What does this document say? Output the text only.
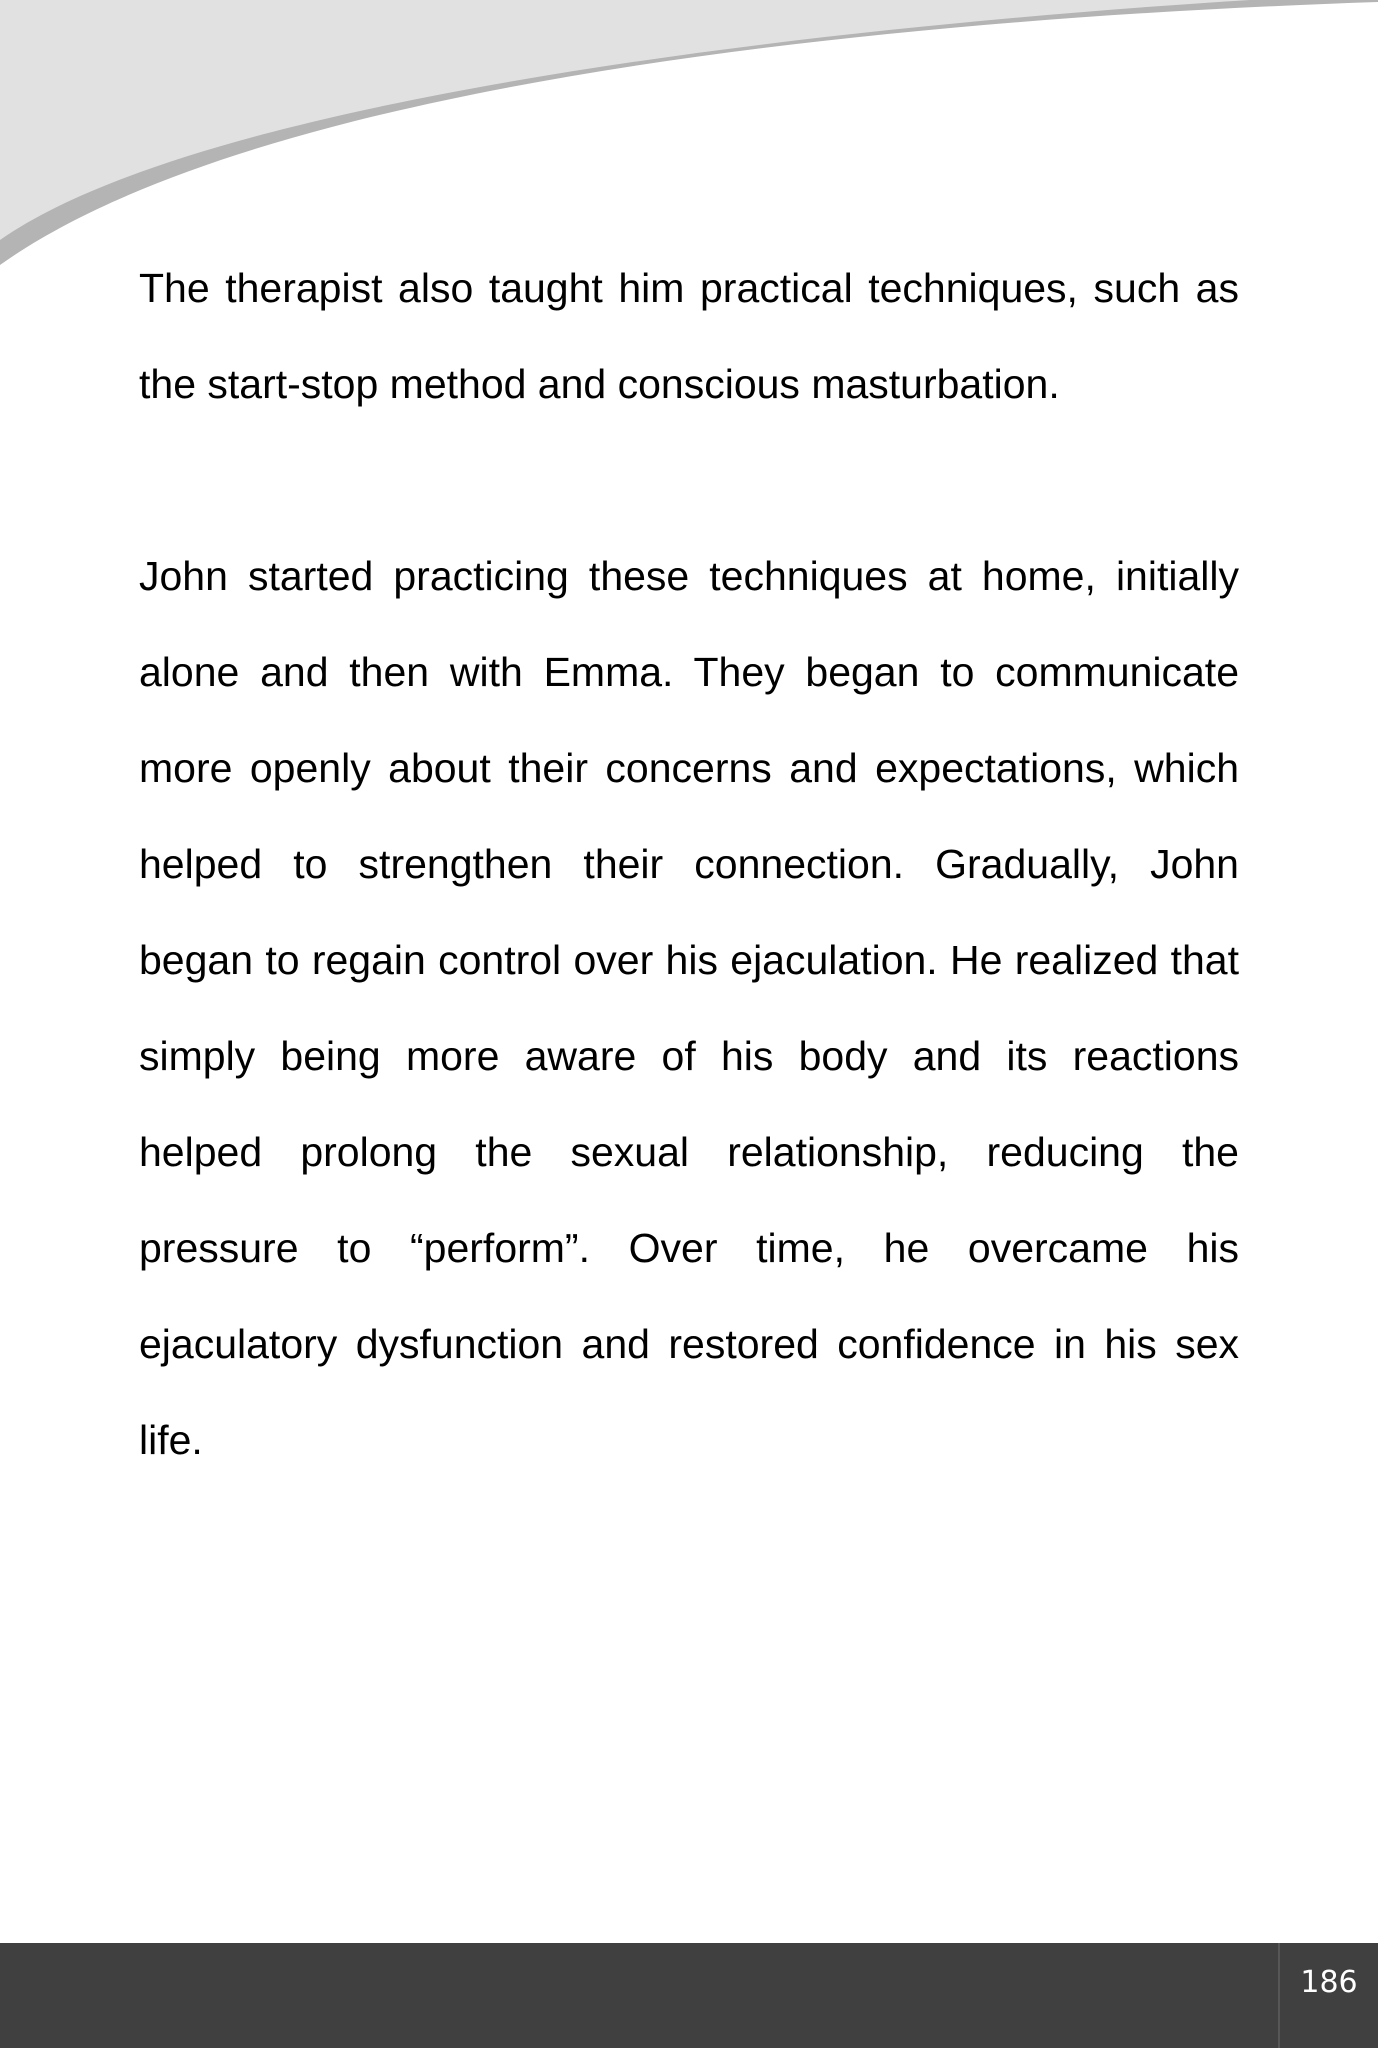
The therapist also taught him practical techniques, such as the start-stop method and conscious masturbation.

John started practicing these techniques at home, initially alone and then with Emma. They began to communicate more openly about their concerns and expectations, which helped to strengthen their connection. Gradually, John began to regain control over his ejaculation. He realized that simply being more aware of his body and its reactions helped prolong the sexual relationship, reducing the pressure to “perform”. Over time, he overcame his ejaculatory dysfunction and restored confidence in his sex life.

186
